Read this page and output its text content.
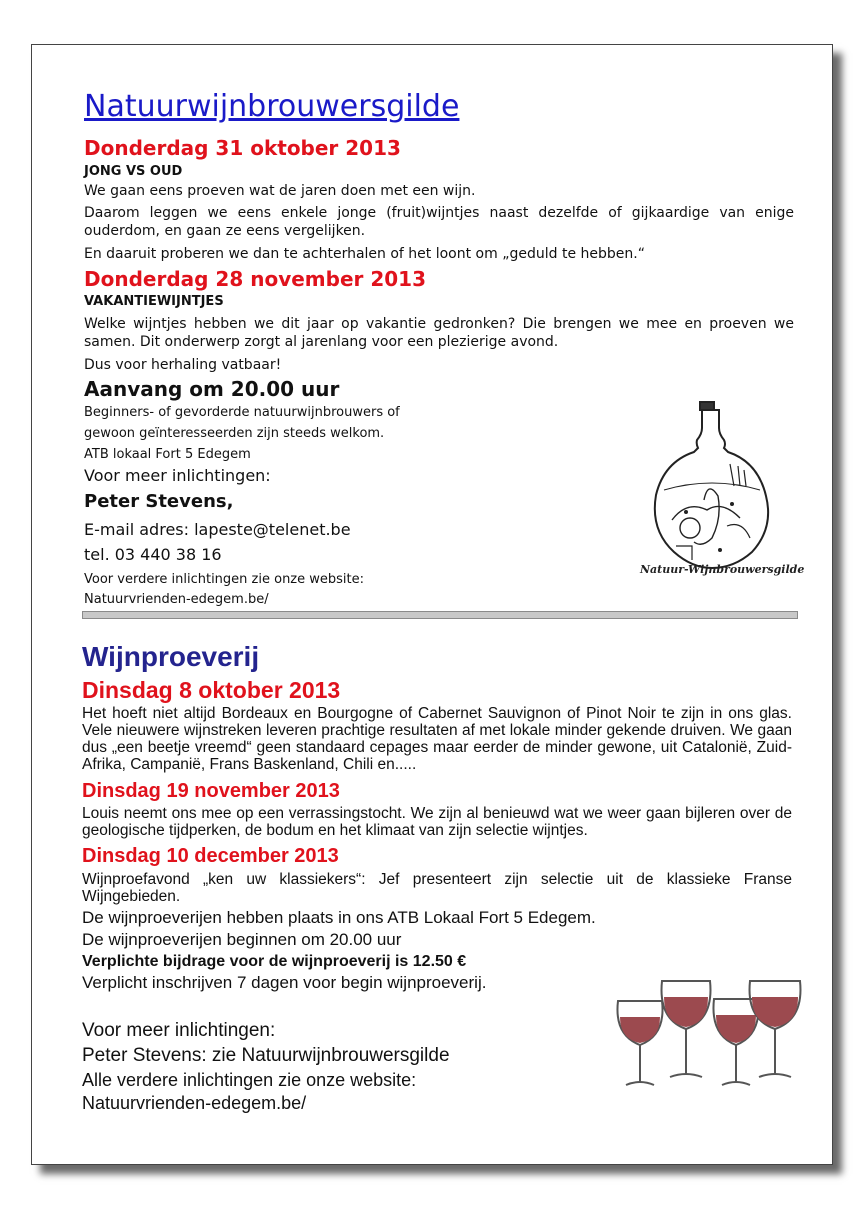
Natuurwijnbrouwersgilde
Donderdag 31 oktober 2013
JONG VS OUD
We gaan eens proeven wat de jaren doen met een wijn.
Daarom leggen we eens enkele jonge (fruit)wijntjes naast dezelfde of gijkaardige van enige ouderdom, en gaan ze eens vergelijken.
En daaruit proberen we dan te achterhalen of het loont om „geduld te hebben.“
Donderdag 28 november 2013
VAKANTIEWIJNTJES
Welke wijntjes hebben we dit jaar op vakantie gedronken? Die brengen we mee en proeven we samen. Dit onderwerp zorgt al jarenlang voor een plezierige avond.
Dus voor herhaling vatbaar!
Aanvang om 20.00 uur
Beginners- of gevorderde natuurwijnbrouwers of
gewoon geïnteresseerden zijn steeds welkom.
ATB lokaal Fort 5 Edegem
Voor meer inlichtingen:
Peter Stevens,
E-mail adres: lapeste@telenet.be
tel. 03 440 38 16
Voor verdere inlichtingen zie onze website:
Natuurvrienden-edegem.be/
Natuur-Wijnbrouwersgilde
Wijnproeverij
Dinsdag 8 oktober 2013
Het hoeft niet altijd Bordeaux en Bourgogne of Cabernet Sauvignon of Pinot Noir te zijn in ons glas. Vele nieuwere wijnstreken leveren prachtige resultaten af met lokale minder gekende druiven. We gaan dus „een beetje vreemd“ geen standaard cepages maar eerder de minder gewone, uit Catalonië, Zuid-Afrika, Campanië, Frans Baskenland, Chili en.....
Dinsdag 19 november 2013
Louis neemt ons mee op een verrassingstocht. We zijn al benieuwd wat we weer gaan bijleren over de geologische tijdperken, de bodum en het klimaat van zijn selectie wijntjes.
Dinsdag 10 december 2013
Wijnproefavond „ken uw klassiekers“: Jef presenteert zijn selectie uit de klassieke Franse Wijngebieden.
De wijnproeverijen hebben plaats in ons ATB Lokaal Fort 5 Edegem.
De wijnproeverijen beginnen om 20.00 uur
Verplichte bijdrage voor de wijnproeverij is 12.50 €
Verplicht inschrijven 7 dagen voor begin wijnproeverij.
Voor meer inlichtingen:
Peter Stevens: zie Natuurwijnbrouwersgilde
Alle verdere inlichtingen zie onze website:
Natuurvrienden-edegem.be/
